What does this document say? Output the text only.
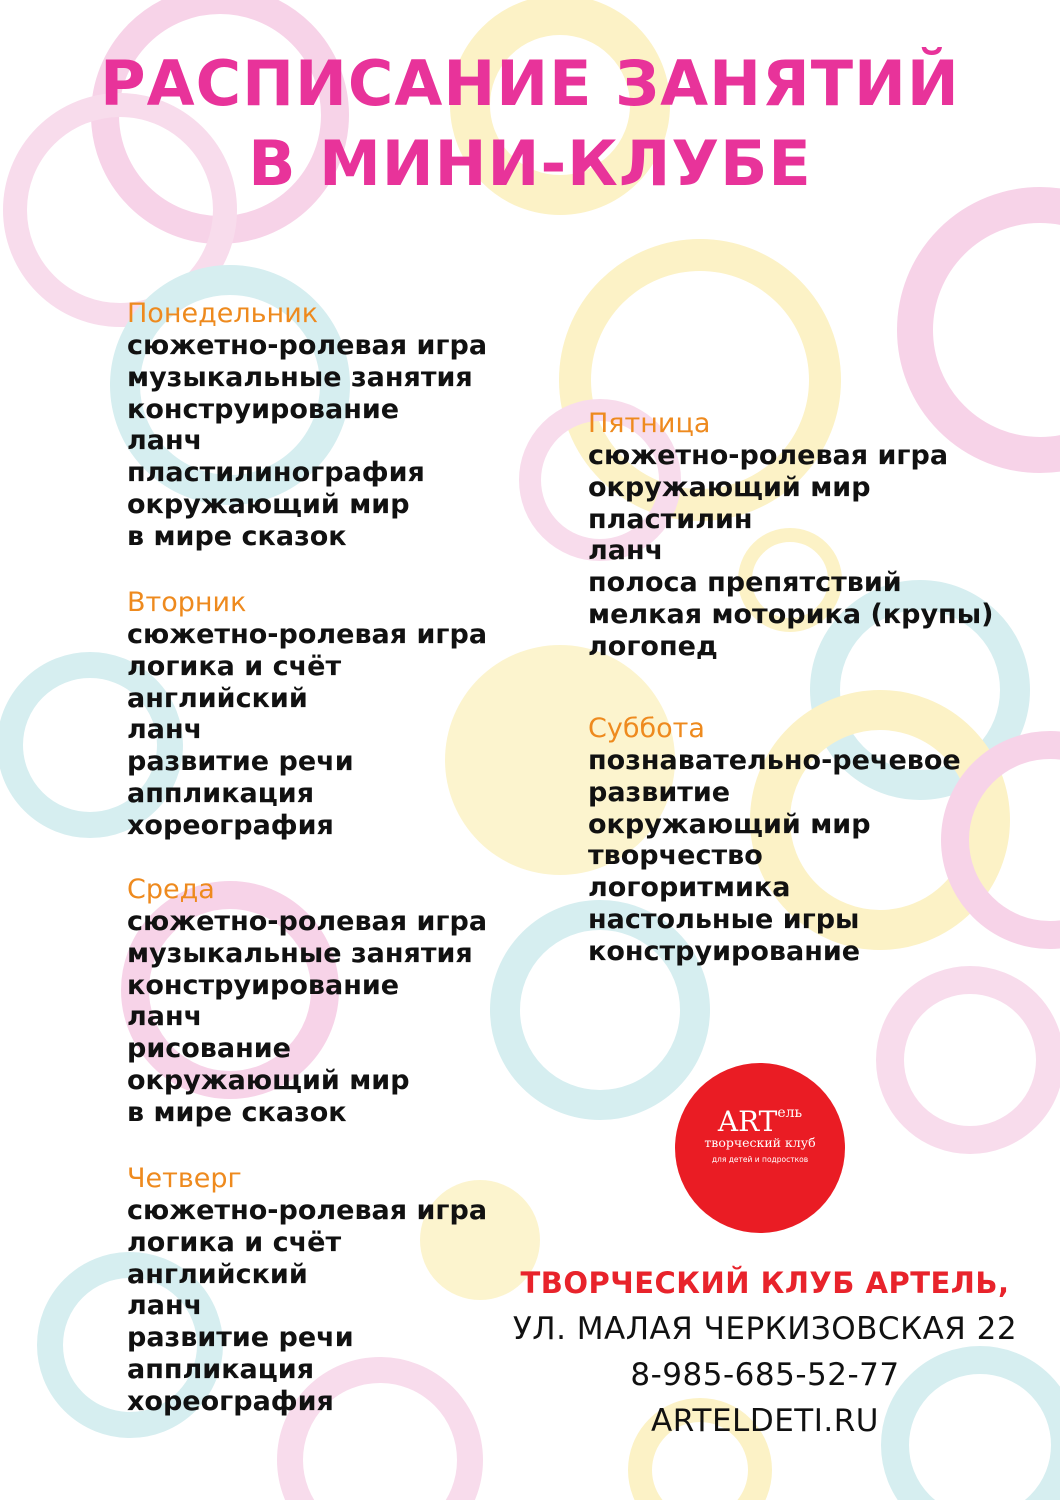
РАСПИСАНИЕ ЗАНЯТИЙ
В МИНИ-КЛУБЕ
Понедельник
сюжетно-ролевая игра
музыкальные занятия
конструирование
ланч
пластилинография
окружающий мир
в мире сказок
Вторник
сюжетно-ролевая игра
логика и счёт
английский
ланч
развитие речи
аппликация
хореография
Среда
сюжетно-ролевая игра
музыкальные занятия
конструирование
ланч
рисование
окружающий мир
в мире сказок
Четверг
сюжетно-ролевая игра
логика и счёт
английский
ланч
развитие речи
аппликация
хореография
Пятница
сюжетно-ролевая игра
окружающий мир
пластилин
ланч
полоса препятствий
мелкая моторика (крупы)
логопед
Суббота
познавательно-речевое
развитие
окружающий мир
творчество
логоритмика
настольные игры
конструирование
$ART^{ель}$
творческий клуб
для детей и подростков
ТВОРЧЕСКИЙ КЛУБ АРТЕЛЬ,
УЛ. МАЛАЯ ЧЕРКИЗОВСКАЯ 22
8-985-685-52-77
ARTELDETI.RU
